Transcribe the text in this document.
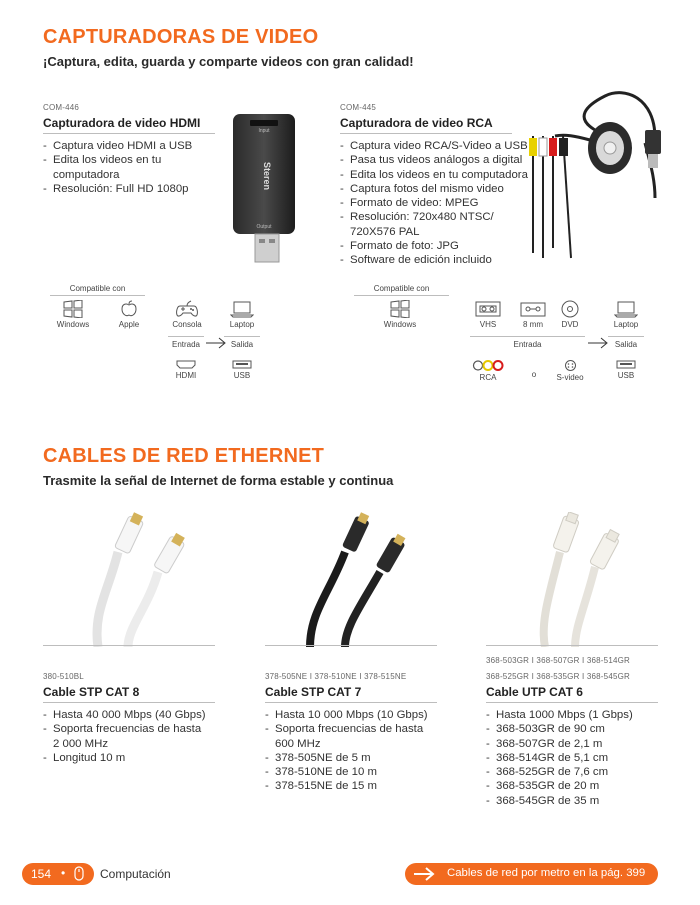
CAPTURADORAS DE VIDEO
¡Captura, edita, guarda y comparte videos con gran calidad!
COM-446
Capturadora de video HDMI
- Captura video HDMI a USB
- Edita los videos en tu
computadora
- Resolución: Full HD 1080p
Input
Steren
Output
COM-445
Capturadora de video RCA
- Captura video RCA/S-Video a USB
- Pasa tus videos análogos a digital
- Edita los videos en tu computadora
- Captura fotos del mismo video
- Formato de video: MPEG
- Resolución: 720x480 NTSC/
720X576 PAL
- Formato de foto: JPG
- Software de edición incluido
Compatible con
Windows	Apple	Consola	Laptop
Entrada	Salida
HDMI	USB
Compatible con
Windows	VHS	8 mm	DVD	Laptop
Entrada	Salida
RCA	o	S-video	USB
CABLES DE RED ETHERNET
Trasmite la señal de Internet de forma estable y continua
380-510BL
Cable STP CAT 8
- Hasta 40 000 Mbps (40 Gbps)
- Soporta frecuencias de hasta
2 000 MHz
- Longitud 10 m
378-505NE I 378-510NE I 378-515NE
Cable STP CAT 7
- Hasta 10 000 Mbps (10 Gbps)
- Soporta frecuencias de hasta
600 MHz
- 378-505NE de 5 m
- 378-510NE de 10 m
- 378-515NE de 15 m
368-503GR I 368-507GR I 368-514GR
368-525GR I 368-535GR I 368-545GR
Cable UTP CAT 6
- Hasta 1000 Mbps (1 Gbps)
- 368-503GR de 90 cm
- 368-507GR de 2,1 m
- 368-514GR de 5,1 cm
- 368-525GR de 7,6 cm
- 368-535GR de 20 m
- 368-545GR de 35 m
154 •	Computación	Cables de red por metro en la pág. 399
